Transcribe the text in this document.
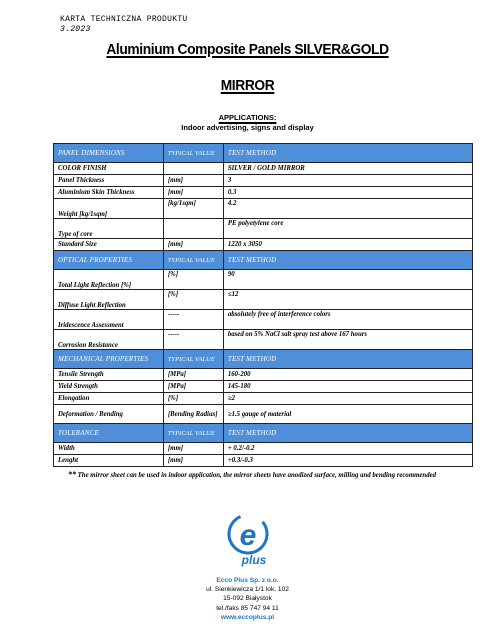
KARTA TECHNICZNA PRODUKTU
3.2023
Aluminium Composite Panels SILVER&GOLD
MIRROR
APPLICATIONS:
Indoor advertising, signs and display
PANEL DIMENSIONS	TYPICAL VALUE	TEST METHOD
COLOR FINISH		SILVER / GOLD MIRROR
Panel Thickness	[mm]	3
Aluminium Skin Thickness	[mm]	0.3
Weight [kg/1sqm]	[kg/1sqm]	4.2
Type of core		PE polyetylene core
Standard Size	[mm]	1220 x 3050
OPTICAL PROPERTIES	TYPICAL VALUE	TEST METHOD
Total Light Reflection [%]	[%]	90
Diffuse Light Reflection	[%]	≤12
Iridescence Assessment	-----	absolutely free of interference colors
Corrosion Resistance	-----	based on 5% NaCl salt spray test above 167 hours
MECHANICAL PROPERTIES	TYPICAL VALUE	TEST METHOD
Tensile Strength	[MPa]	160-200
Yield Strength	[MPa]	145-180
Elongation	[%]	≥2
Deformation / Bending	[Bending Radius]	≥1.5 gauge of material
TOLERANCE	TYPICAL VALUE	TEST METHOD
Width	[mm]	+ 0.2/-0.2
Lenght	[mm]	+0.3/-0.3
** The mirror sheet can be used in indoor application, the mirror sheets have anodized surface, milling and bending recommended
e
plus
Ecco Plus Sp. z o.o.
ul. Sienkiewicza 1/1 lok. 102
15-092 Białystok
tel./faks 85 747 94 11
www.eccoplus.pl
